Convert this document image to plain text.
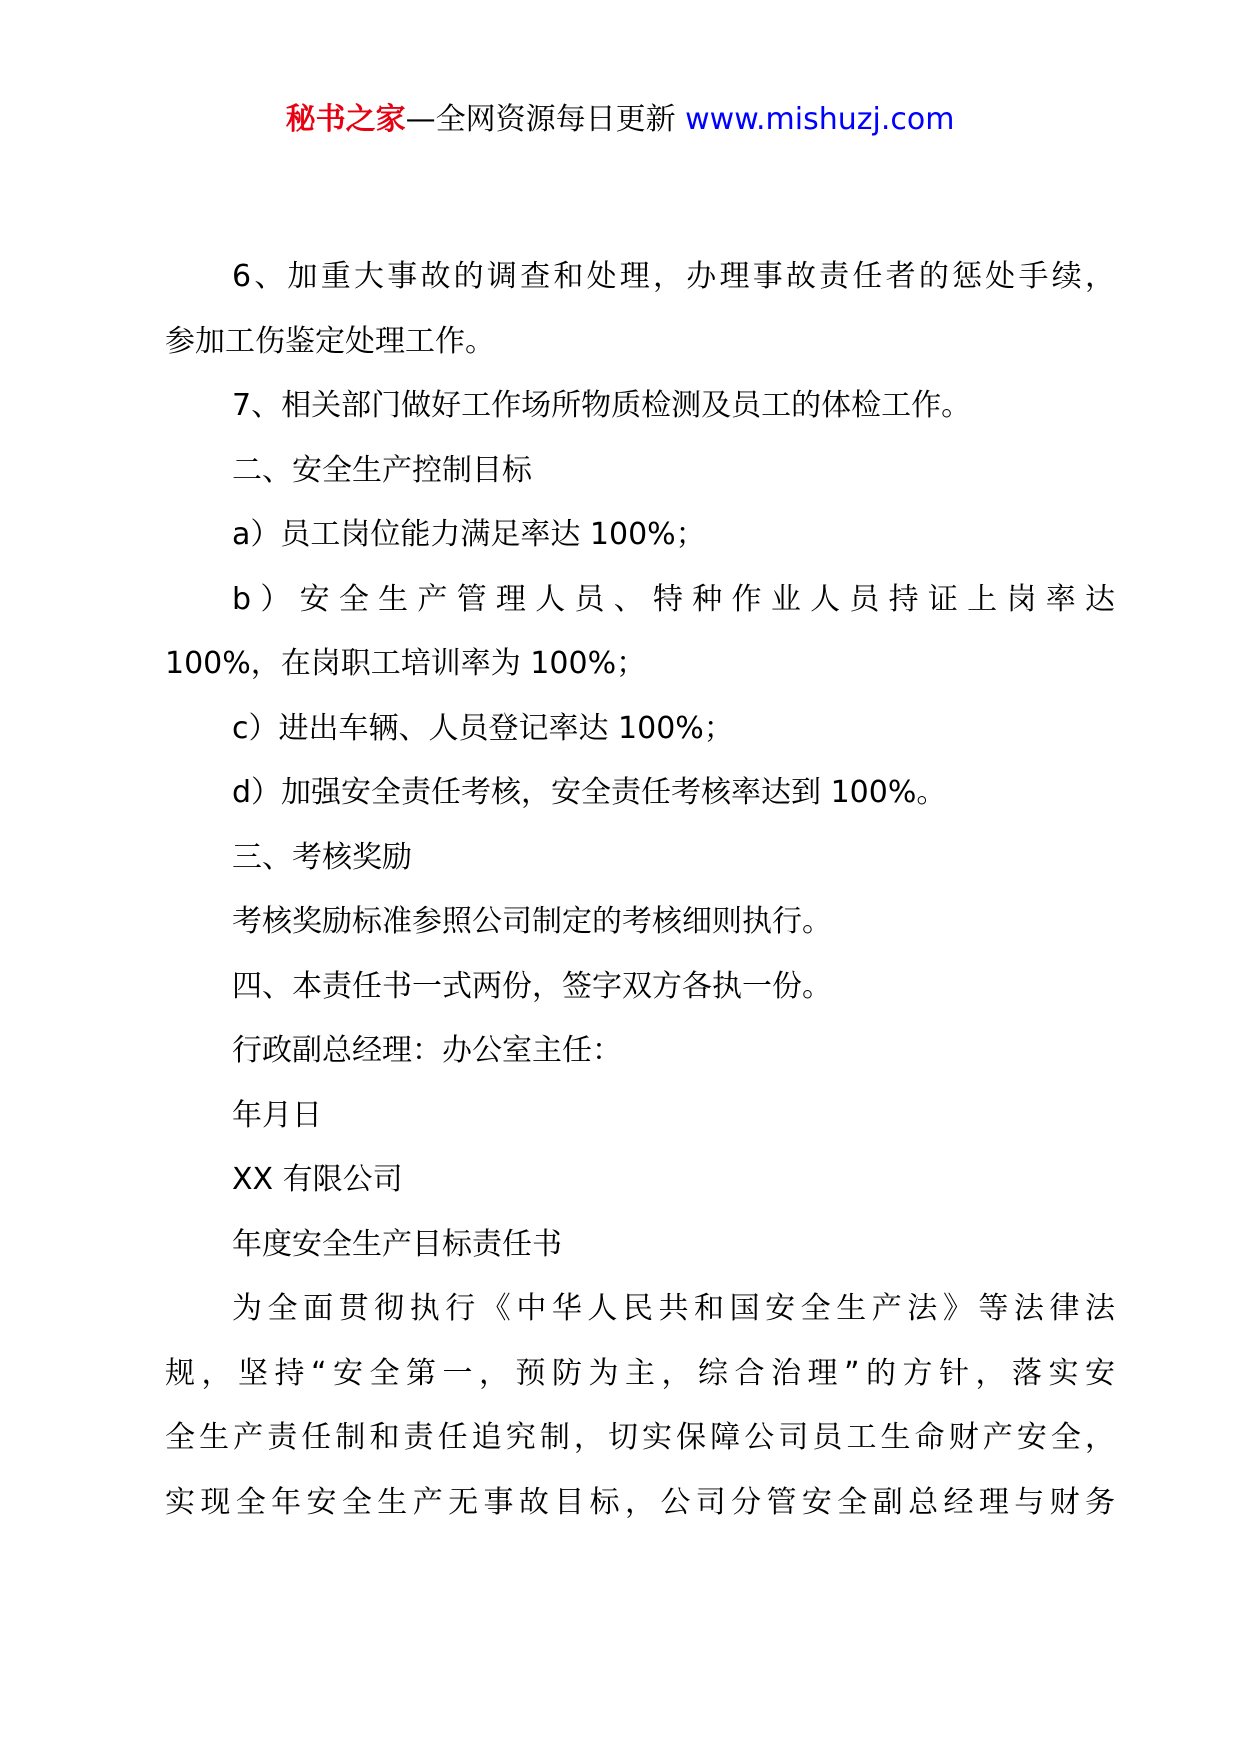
秘书之家—全网资源每日更新 www.mishuzj.com
6、加重大事故的调查和处理，办理事故责任者的惩处手续，
参加工伤鉴定处理工作。
7、相关部门做好工作场所物质检测及员工的体检工作。
二、安全生产控制目标
a）员工岗位能力满足率达 100%；
b）安全生产管理人员、特种作业人员持证上岗率达
100%，在岗职工培训率为 100%；
c）进出车辆、人员登记率达 100%；
d）加强安全责任考核，安全责任考核率达到 100%。
三、考核奖励
考核奖励标准参照公司制定的考核细则执行。
四、本责任书一式两份，签字双方各执一份。
行政副总经理：办公室主任：
年月日
XX 有限公司
年度安全生产目标责任书
为全面贯彻执行《中华人民共和国安全生产法》等法律法
规，坚持“安全第一，预防为主，综合治理”的方针，落实安
全生产责任制和责任追究制，切实保障公司员工生命财产安全，
实现全年安全生产无事故目标，公司分管安全副总经理与财务
